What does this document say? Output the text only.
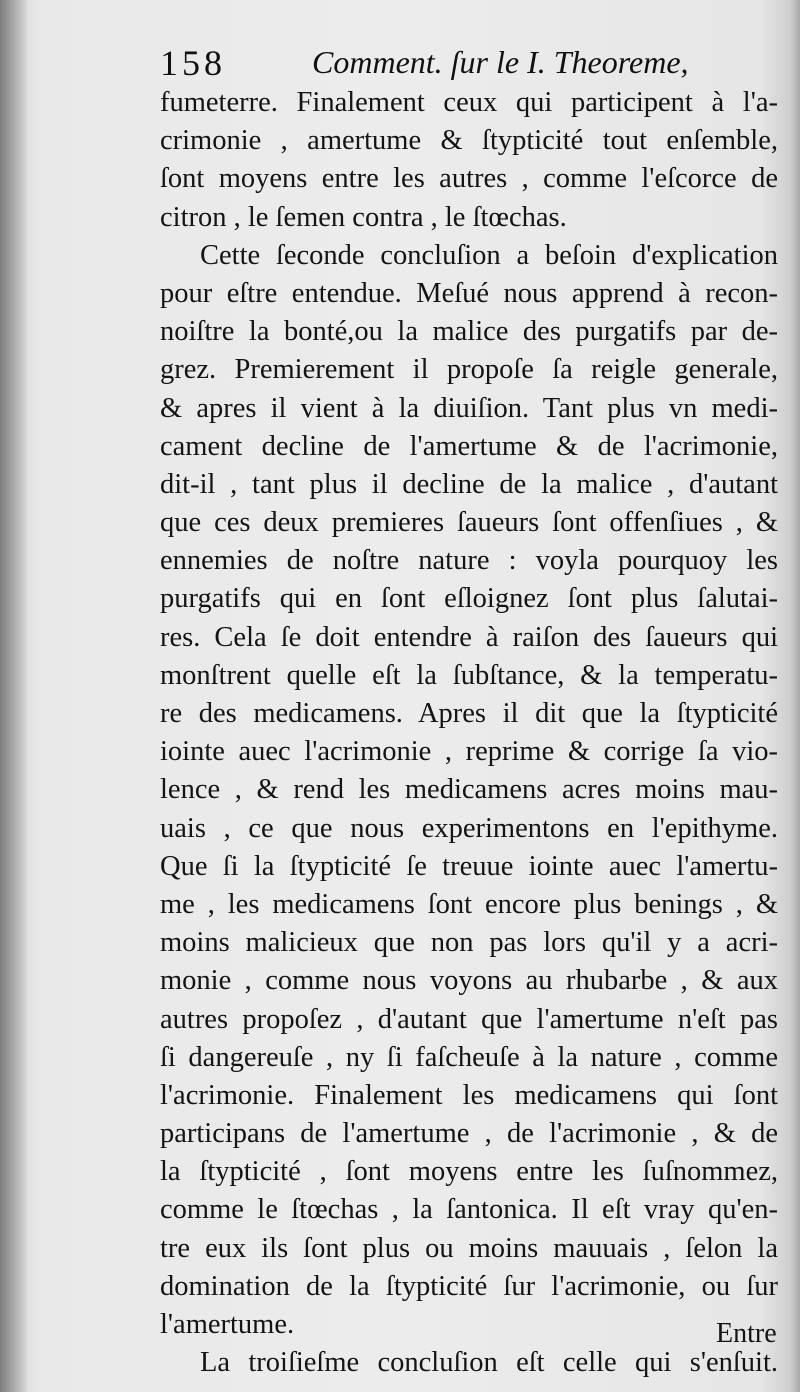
158	Comment. ſur le I. Theoreme,
fumeterre. Finalement ceux qui participent à l'a-
crimonie , amertume & ſtypticité tout enſemble,
ſont moyens entre les autres , comme l'eſcorce de
citron , le ſemen contra , le ſtœchas.
Cette ſeconde concluſion a beſoin d'explication
pour eſtre entendue. Meſué nous apprend à recon-
noiſtre la bonté,ou la malice des purgatifs par de-
grez. Premierement il propoſe ſa reigle generale,
& apres il vient à la diuiſion. Tant plus vn medi-
cament decline de l'amertume & de l'acrimonie,
dit-il , tant plus il decline de la malice , d'autant
que ces deux premieres ſaueurs ſont offenſiues , &
ennemies de noſtre nature : voyla pourquoy les
purgatifs qui en ſont eſloignez ſont plus ſalutai-
res. Cela ſe doit entendre à raiſon des ſaueurs qui
monſtrent quelle eſt la ſubſtance, & la temperatu-
re des medicamens. Apres il dit que la ſtypticité
iointe auec l'acrimonie , reprime & corrige ſa vio-
lence , & rend les medicamens acres moins mau-
uais , ce que nous experimentons en l'epithyme.
Que ſi la ſtypticité ſe treuue iointe auec l'amertu-
me , les medicamens ſont encore plus benings , &
moins malicieux que non pas lors qu'il y a acri-
monie , comme nous voyons au rhubarbe , & aux
autres propoſez , d'autant que l'amertume n'eſt pas
ſi dangereuſe , ny ſi faſcheuſe à la nature , comme
l'acrimonie. Finalement les medicamens qui ſont
participans de l'amertume , de l'acrimonie , & de
la ſtypticité , ſont moyens entre les ſuſnommez,
comme le ſtœchas , la ſantonica. Il eſt vray qu'en-
tre eux ils ſont plus ou moins mauuais , ſelon la
domination de la ſtypticité ſur l'acrimonie, ou ſur
l'amertume.
La troiſieſme concluſion eſt celle qui s'enſuit.
Entre
